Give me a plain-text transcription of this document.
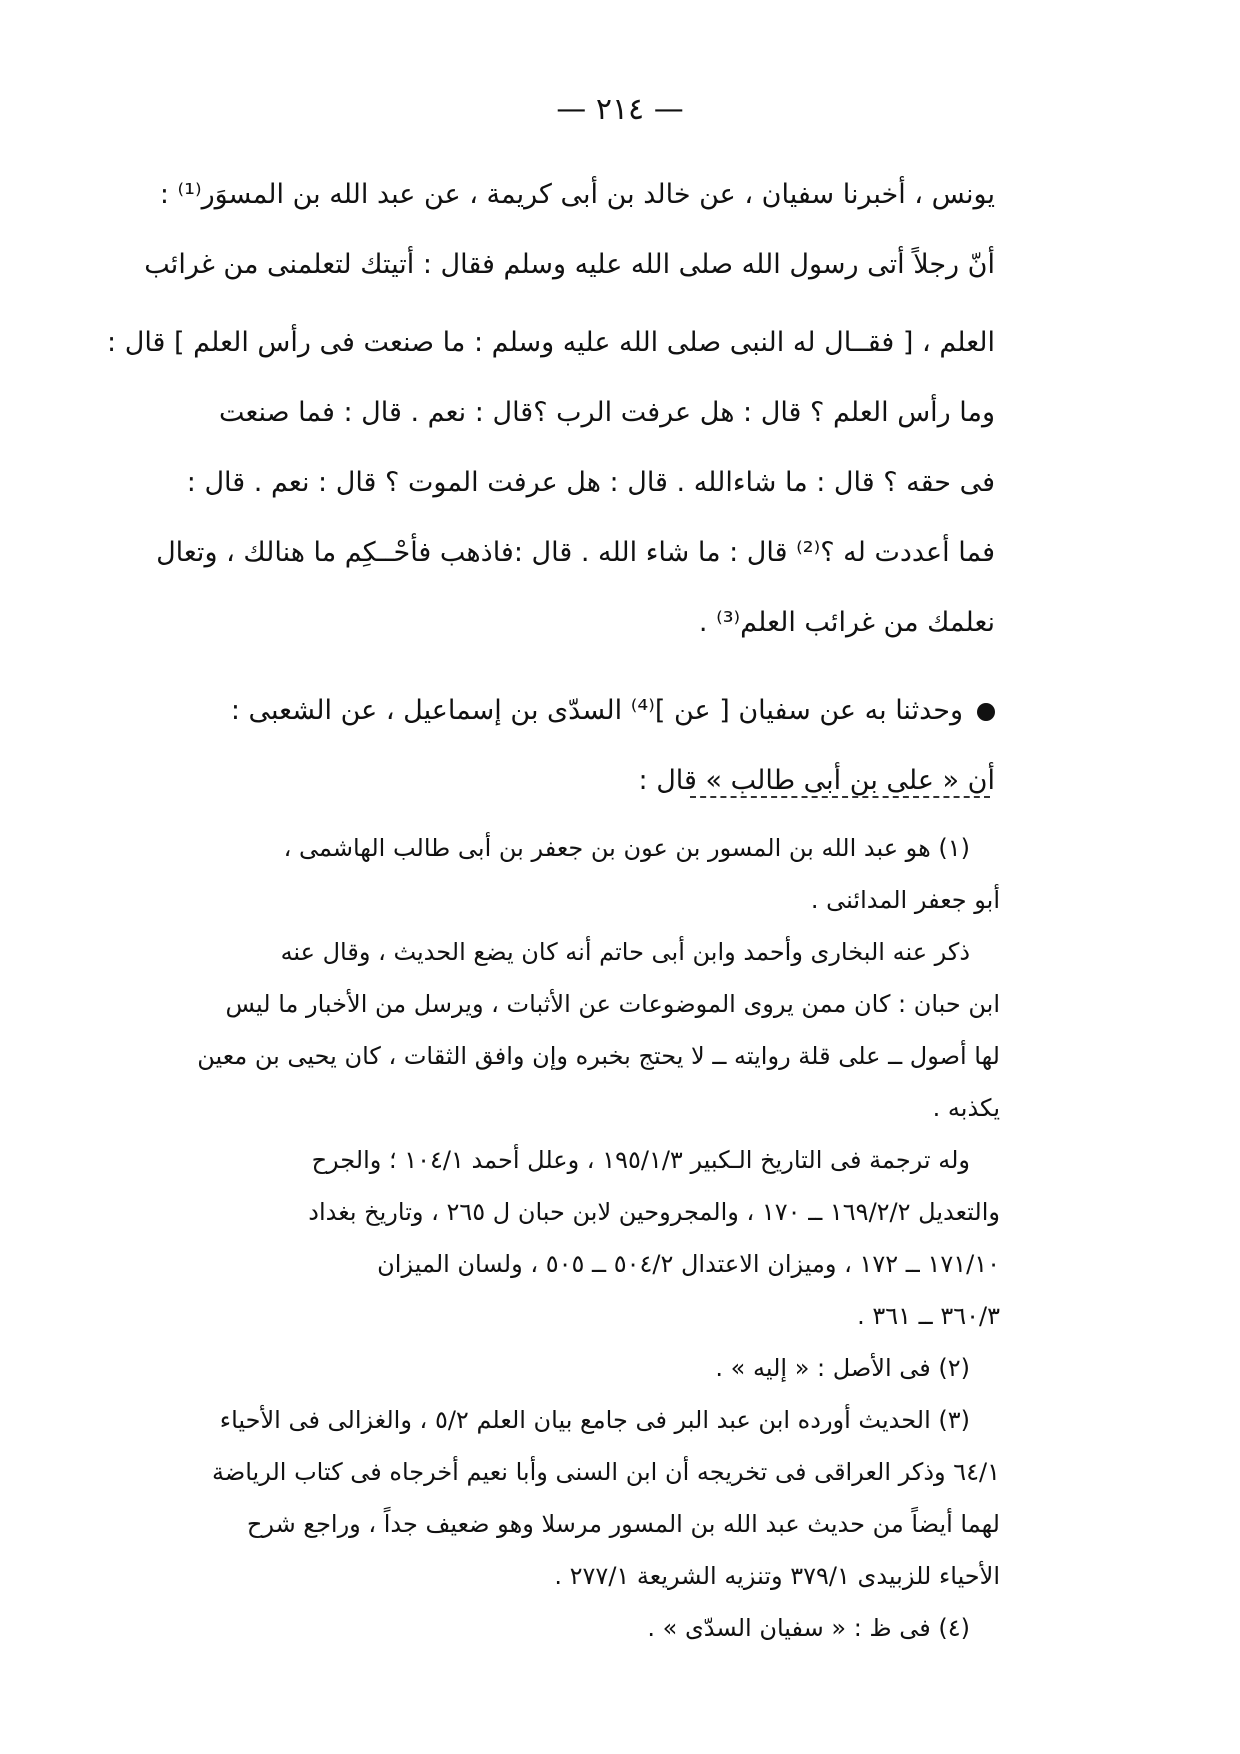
— ٢١٤ —
يونس ، أخبرنا سفيان ، عن خالد بن أبى كريمة ، عن عبد الله بن المسوَر⁽¹⁾ :
أنّ رجلاً أتى رسول الله صلى الله عليه وسلم فقال : أتيتك لتعلمنى من غرائب
العلم ، [ فقــال له النبى صلى الله عليه وسلم : ما صنعت فى رأس العلم ] قال :
وما رأس العلم ؟ قال : هل عرفت الرب ؟قال : نعم . قال : فما صنعت
فى حقه ؟ قال : ما شاءالله . قال : هل عرفت الموت ؟ قال : نعم . قال :
فما أعددت له ؟⁽²⁾ قال : ما شاء الله . قال :فاذهب فأحْــكِم ما هنالك ، وتعال
نعلمك من غرائب العلم⁽³⁾ .
وحدثنا به عن سفيان [ عن ]⁽⁴⁾ السدّى بن إسماعيل ، عن الشعبى :
أن « على بن أبى طالب » قال :
(١) هو عبد الله بن المسور بن عون بن جعفر بن أبى طالب الهاشمى ،
أبو جعفر المدائنى .
ذكر عنه البخارى وأحمد وابن أبى حاتم أنه كان يضع الحديث ، وقال عنه
ابن حبان : كان ممن يروى الموضوعات عن الأثبات ، ويرسل من الأخبار ما ليس
لها أصول ــ على قلة روايته ــ لا يحتج بخبره وإن وافق الثقات ، كان يحيى بن معين
يكذبه .
وله ترجمة فى التاريخ الـكبير ١٩٥/١/٣ ، وعلل أحمد ١٠٤/١ ؛ والجرح
والتعديل ١٦٩/٢/٢ ــ ١٧٠ ، والمجروحين لابن حبان ل ٢٦٥ ، وتاريخ بغداد
١٧١/١٠ ــ ١٧٢ ، وميزان الاعتدال ٥٠٤/٢ ــ ٥٠٥ ، ولسان الميزان
٣٦٠/٣ ــ ٣٦١ .
(٢) فى الأصل : « إليه » .
(٣) الحديث أورده ابن عبد البر فى جامع بيان العلم ٥/٢ ، والغزالى فى الأحياء
٦٤/١ وذكر العراقى فى تخريجه أن ابن السنى وأبا نعيم أخرجاه فى كتاب الرياضة
لهما أيضاً من حديث عبد الله بن المسور مرسلا وهو ضعيف جداً ، وراجع شرح
الأحياء للزبيدى ٣٧٩/١ وتنزيه الشريعة ٢٧٧/١ .
(٤) فى ظ : « سفيان السدّى » .
